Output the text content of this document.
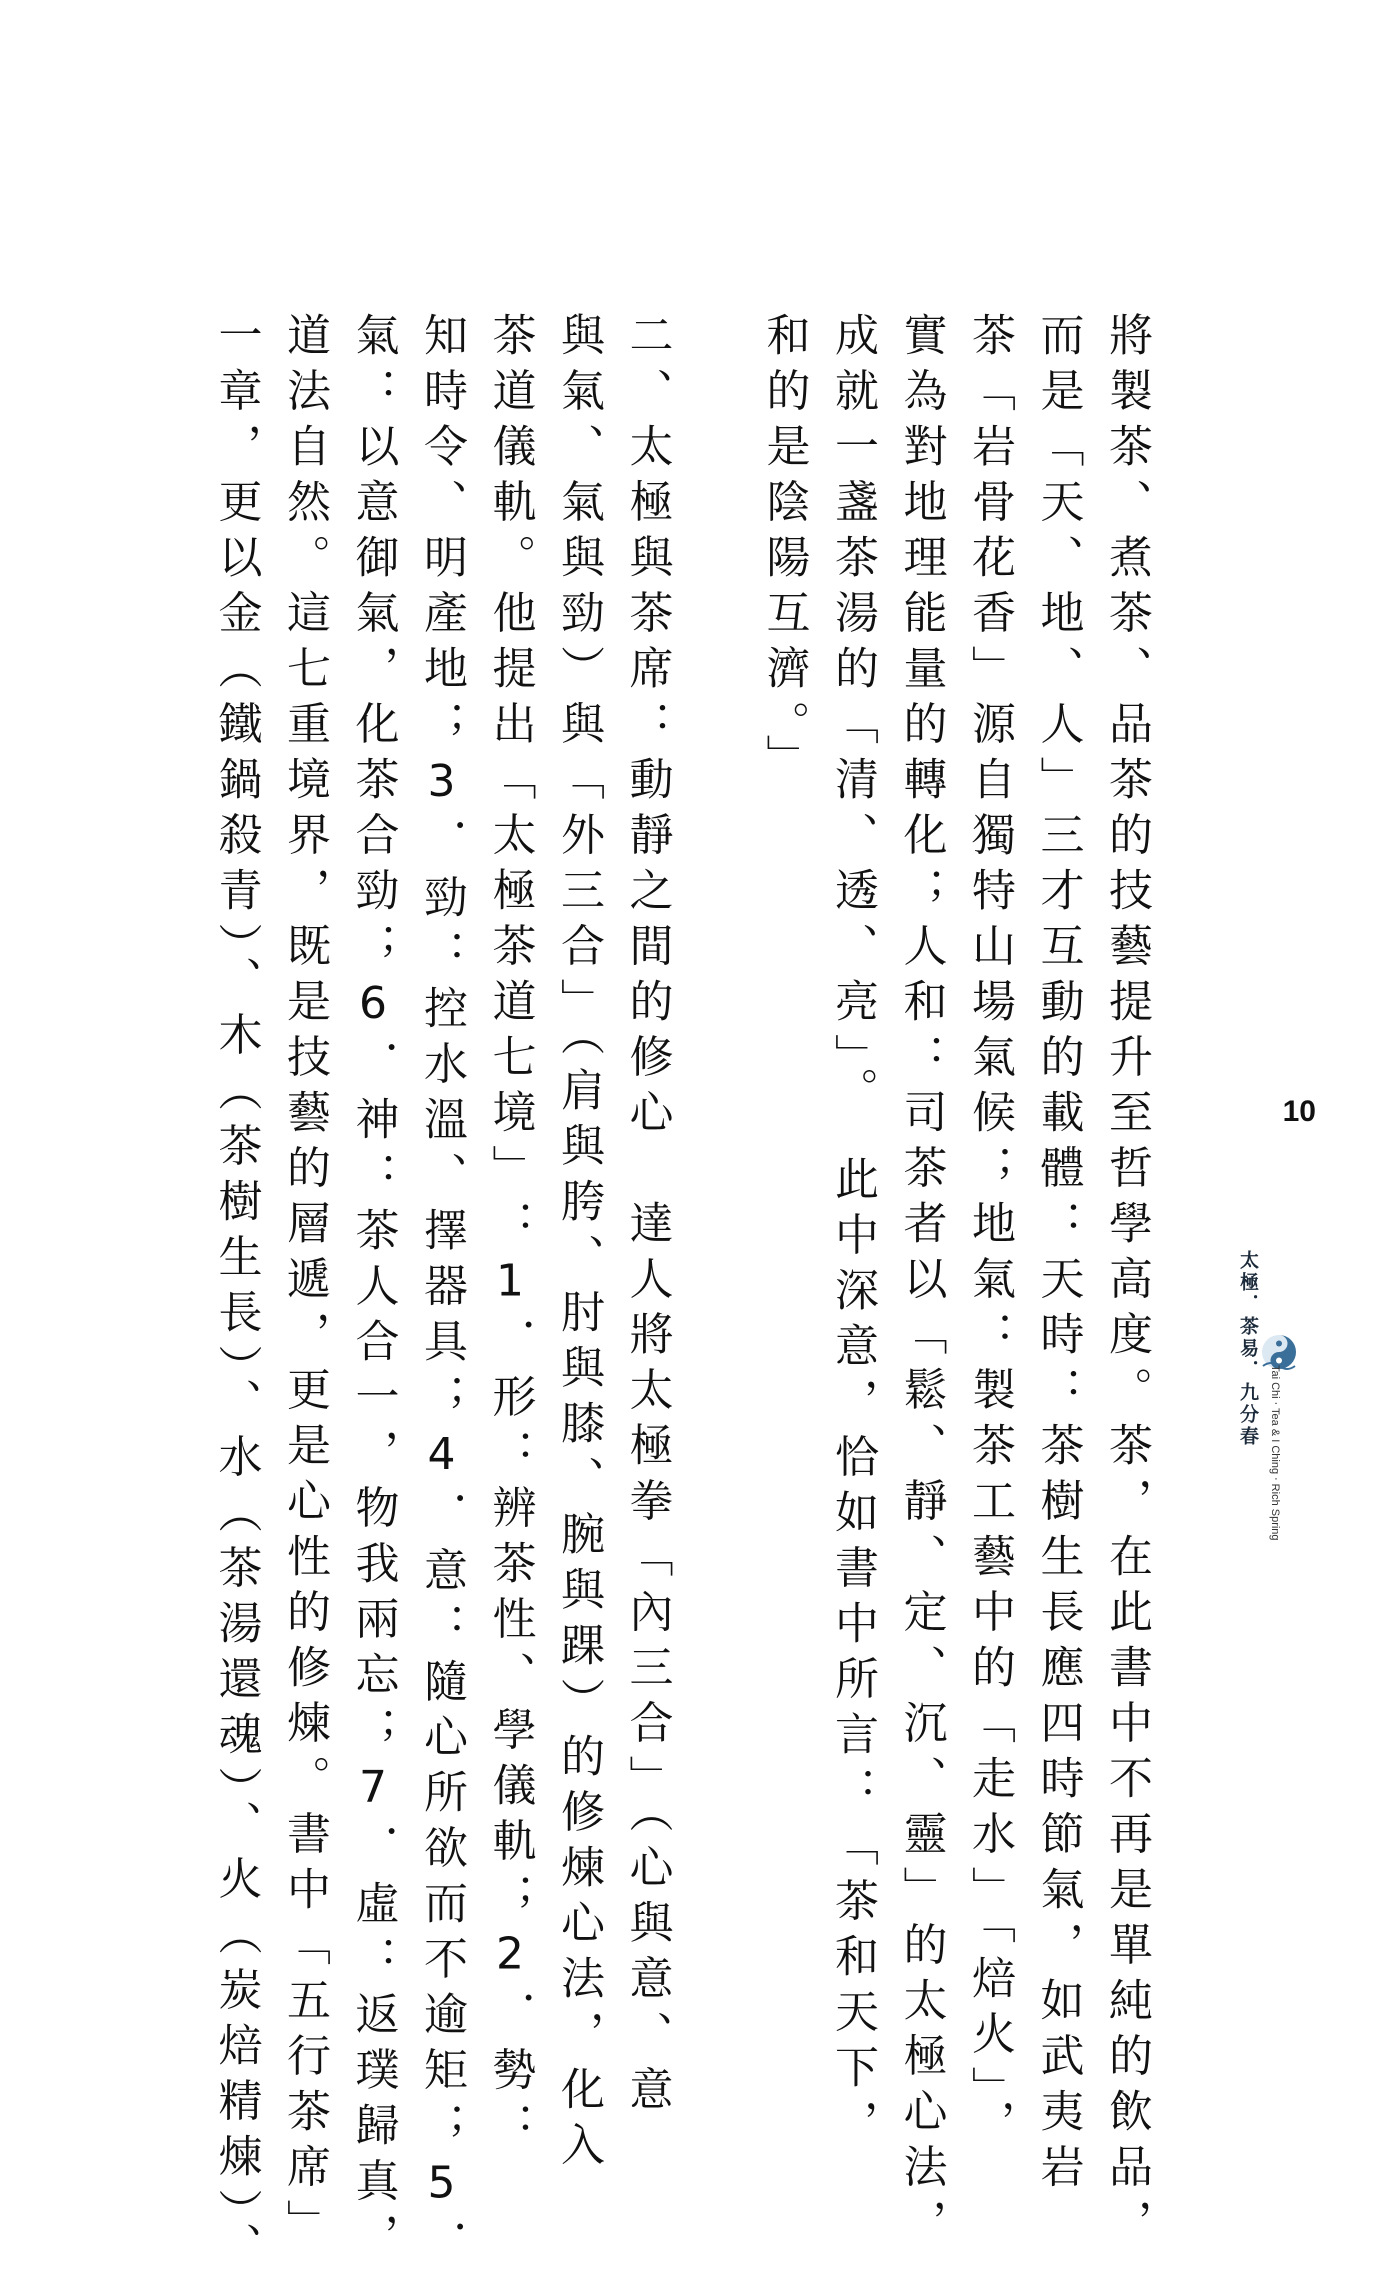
將製茶、煮茶、品茶的技藝提升至哲學高度。茶，在此書中不再是單純的飲品，
而是「天、地、人」三才互動的載體：天時：茶樹生長應四時節氣，如武夷岩
茶「岩骨花香」源自獨特山場氣候；地氣：製茶工藝中的「走水」「焙火」，
實為對地理能量的轉化；人和：司茶者以「鬆、靜、定、沉、靈」的太極心法，
成就一盞茶湯的「清、透、亮」。　此中深意，恰如書中所言：「茶和天下，
和的是陰陽互濟。」
二、太極與茶席：動靜之間的修心　達人將太極拳「內三合」（心與意、意
與氣、氣與勁）與「外三合」（肩與胯、肘與膝、腕與踝）的修煉心法，化入
茶道儀軌。他提出「太極茶道七境」：1．形：辨茶性、學儀軌；2．勢：
知時令、明產地；3．勁：控水溫、擇器具；4．意：隨心所欲而不逾矩；5．
氣：以意御氣，化茶合勁；6．神：茶人合一，物我兩忘；7．虛：返璞歸真，
道法自然。這七重境界，既是技藝的層遞，更是心性的修煉。書中「五行茶席」
一章，更以金（鐵鍋殺青）、木（茶樹生長）、水（茶湯還魂）、火（炭焙精煉）、	太極．茶易．九分春
Tai Chi ‧ Tea & I Ching ‧ Rich Spring
10
